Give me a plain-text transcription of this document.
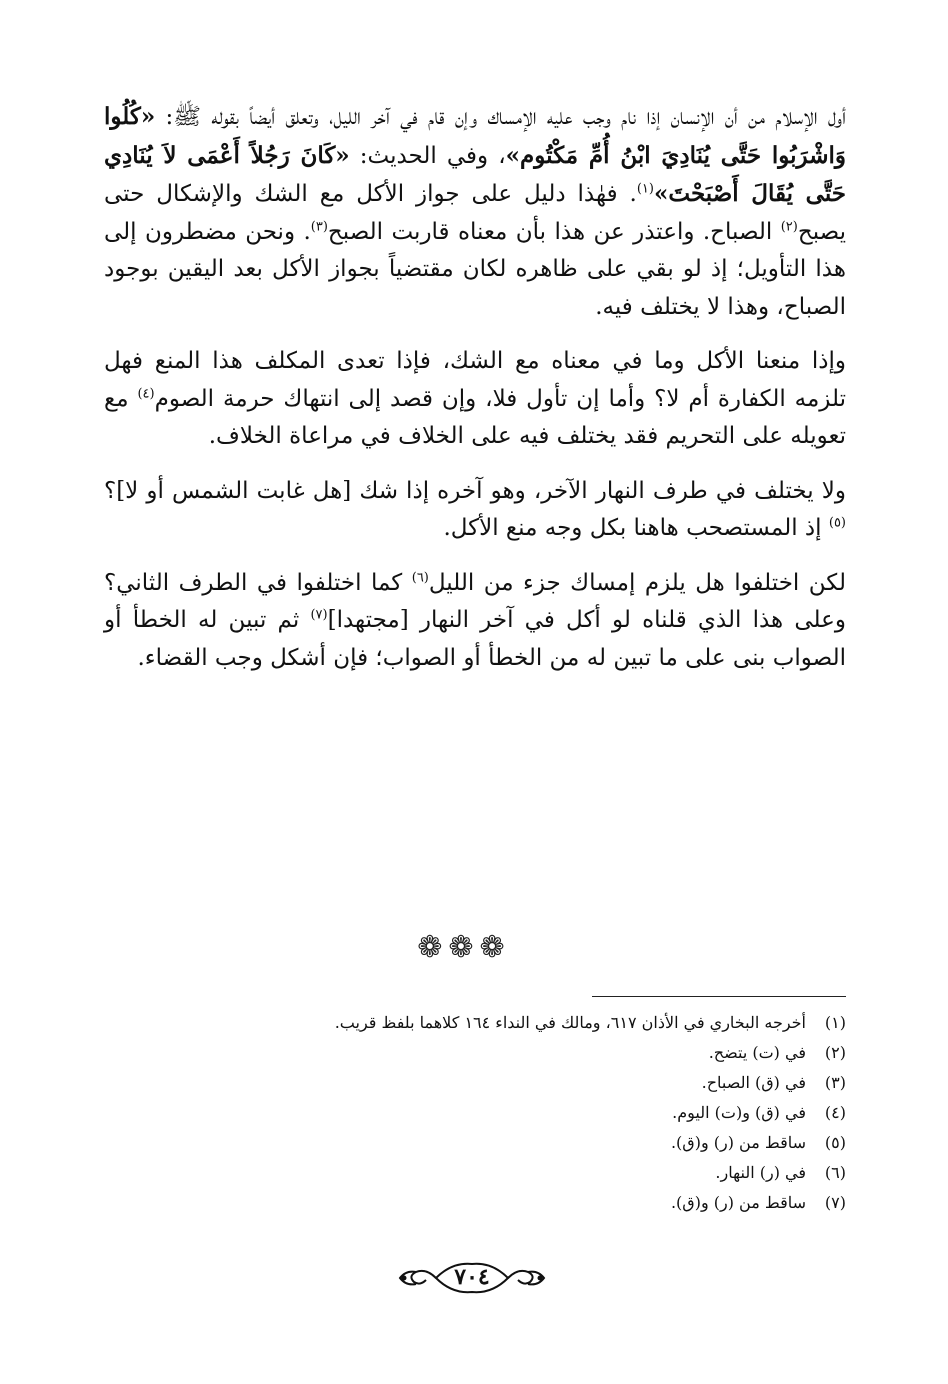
أول الإسلام من أن الإنسان إذا نام وجب عليه الإمساك وإن قام في آخر الليل، وتعلق أيضاً بقوله ﷺ: «كُلُوا وَاشْرَبُوا حَتَّى يُنَادِيَ ابْنُ أُمِّ مَكْتُوم»، وفي الحديث: «كَانَ رَجُلاً أَعْمَى لاَ يُنَادِي حَتَّى يُقَالَ أَصْبَحْتَ»$^{(١)}$. فهٰذا دليل على جواز الأكل مع الشك والإشكال حتى يصبح$^{(٢)}$ الصباح. واعتذر عن هذا بأن معناه قاربت الصبح$^{(٣)}$. ونحن مضطرون إلى هذا التأويل؛ إذ لو بقي على ظاهره لكان مقتضياً بجواز الأكل بعد اليقين بوجود الصباح، وهذا لا يختلف فيه.

وإذا منعنا الأكل وما في معناه مع الشك، فإذا تعدى المكلف هذا المنع فهل تلزمه الكفارة أم لا؟ وأما إن تأول فلا، وإن قصد إلى انتهاك حرمة الصوم$^{(٤)}$ مع تعويله على التحريم فقد يختلف فيه على الخلاف في مراعاة الخلاف.

ولا يختلف في طرف النهار الآخر، وهو آخره إذا شك [هل غابت الشمس أو لا]؟$^{(٥)}$ إذ المستصحب هاهنا بكل وجه منع الأكل.

لكن اختلفوا هل يلزم إمساك جزء من الليل$^{(٦)}$ كما اختلفوا في الطرف الثاني؟ وعلى هذا الذي قلناه لو أكل في آخر النهار [مجتهدا]$^{(٧)}$ ثم تبين له الخطأ أو الصواب بنى على ما تبين له من الخطأ أو الصواب؛ فإن أشكل وجب القضاء.

❁❁❁
(١)
أخرجه البخاري في الأذان ٦١٧، ومالك في النداء ١٦٤ كلاهما بلفظ قريب.
(٢)
في (ت) يتضح.
(٣)
في (ق) الصباح.
(٤)
في (ق) و(ت) اليوم.
(٥)
ساقط من (ر) و(ق).
(٦)
في (ر) النهار.
(٧)
ساقط من (ر) و(ق).
٧٠٤
